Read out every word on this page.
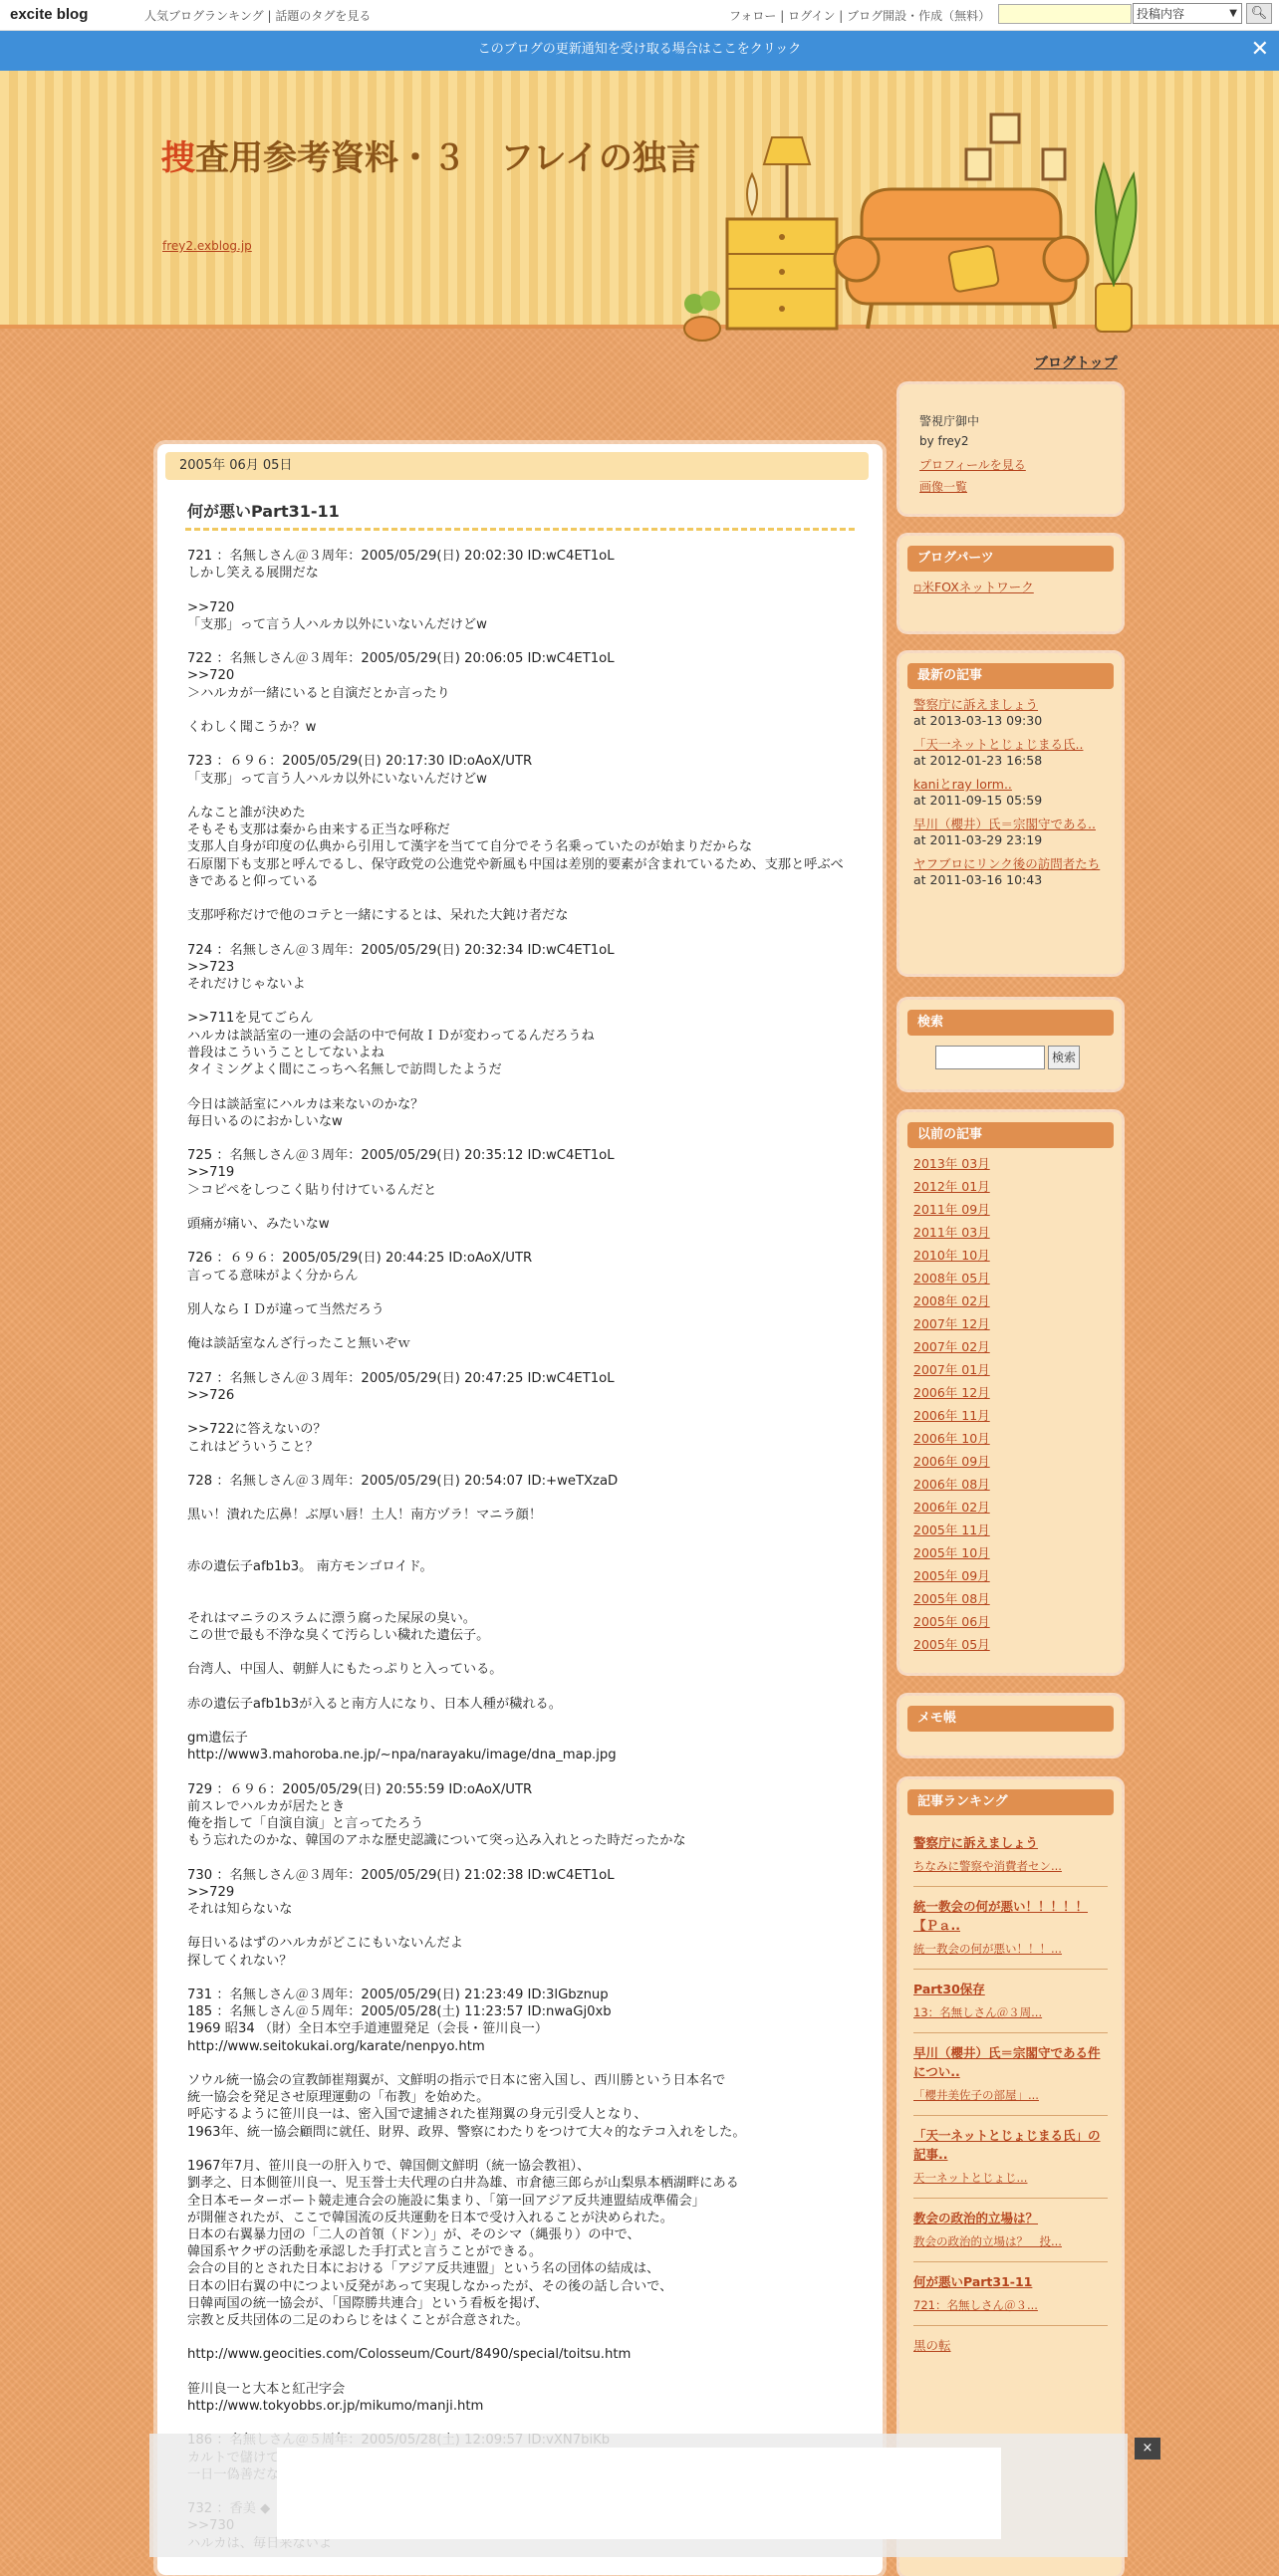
excite blog	人気ブログランキング | 話題のタグを見る	フォロー | ログイン | ブログ開設・作成（無料）	投稿内容	▼	🔍︎
このブログの更新通知を受け取る場合はここをクリック	✕
捜査用参考資料・３　フレイの独言
frey2.exblog.jp
ブログトップ
2005年 06月 05日
何が悪いPart31-11
721 ：名無しさん＠３周年：2005/05/29(日) 20:02:30 ID:wC4ET1oL
しかし笑える展開だな

>>720
「支那」って言う人ハルカ以外にいないんだけどw

722 ：名無しさん＠３周年：2005/05/29(日) 20:06:05 ID:wC4ET1oL
>>720
＞ハルカが一緒にいると自演だとか言ったり

くわしく聞こうか？w

723 ：６９６：2005/05/29(日) 20:17:30 ID:oAoX/UTR
「支那」って言う人ハルカ以外にいないんだけどw

んなこと誰が決めた
そもそも支那は秦から由来する正当な呼称だ
支那人自身が印度の仏典から引用して漢字を当てて自分でそう名乗っていたのが始まりだからな
石原閣下も支那と呼んでるし、保守政党の公進党や新風も中国は差別的要素が含まれているため、支那と呼ぶべきであると仰っている

支那呼称だけで他のコテと一緒にするとは、呆れた大鈍け者だな

724 ：名無しさん＠３周年：2005/05/29(日) 20:32:34 ID:wC4ET1oL
>>723
それだけじゃないよ

>>711を見てごらん
ハルカは談話室の一連の会話の中で何故ＩＤが変わってるんだろうね
普段はこういうことしてないよね
タイミングよく間にこっちへ名無しで訪問したようだ

今日は談話室にハルカは来ないのかな？
毎日いるのにおかしいなw

725 ：名無しさん＠３周年：2005/05/29(日) 20:35:12 ID:wC4ET1oL
>>719
＞コピペをしつこく貼り付けているんだと

頭痛が痛い、みたいなw

726 ：６９６：2005/05/29(日) 20:44:25 ID:oAoX/UTR
言ってる意味がよく分からん

別人ならＩＤが違って当然だろう

俺は談話室なんざ行ったこと無いぞｗ

727 ：名無しさん＠３周年：2005/05/29(日) 20:47:25 ID:wC4ET1oL
>>726

>>722に答えないの？
これはどういうこと？

728 ：名無しさん＠３周年：2005/05/29(日) 20:54:07 ID:+weTXzaD

黒い！潰れた広鼻！ぶ厚い唇！土人！南方ヅラ！マニラ顔！

赤の遺伝子afb1b3。 南方モンゴロイド。

それはマニラのスラムに漂う腐った屎尿の臭い。
この世で最も不浄な臭くて汚らしい穢れた遺伝子。

台湾人、中国人、朝鮮人にもたっぷりと入っている。

赤の遺伝子afb1b3が入ると南方人になり、日本人種が穢れる。

gm遺伝子
http://www3.mahoroba.ne.jp/~npa/narayaku/image/dna_map.jpg

729 ：６９６：2005/05/29(日) 20:55:59 ID:oAoX/UTR
前スレでハルカが居たとき
俺を指して「自演自演」と言ってたろう
もう忘れたのかな、韓国のアホな歴史認識について突っ込み入れとった時だったかな

730 ：名無しさん＠３周年：2005/05/29(日) 21:02:38 ID:wC4ET1oL
>>729
それは知らないな

毎日いるはずのハルカがどこにもいないんだよ
探してくれない？

731 ：名無しさん＠３周年：2005/05/29(日) 21:23:49 ID:3lGbznup
185 ：名無しさん＠５周年：2005/05/28(土) 11:23:57 ID:nwaGj0xb
1969 昭34 （財）全日本空手道連盟発足（会長・笹川良一）
http://www.seitokukai.org/karate/nenpyo.htm

ソウル統一協会の宣教師崔翔翼が、文鮮明の指示で日本に密入国し、西川勝という日本名で
統一協会を発足させ原理運動の「布教」を始めた。
呼応するように笹川良一は、密入国で逮捕された崔翔翼の身元引受人となり、
1963年、統一協会顧問に就任、財界、政界、警察にわたりをつけて大々的なテコ入れをした。

1967年7月、笹川良一の肝入りで、韓国側文鮮明（統一協会教祖）、
劉孝之、日本側笹川良一、児玉誉士夫代理の白井為雄、市倉徳三郎らが山梨県本栖湖畔にある
全日本モーターボート競走連合会の施設に集まり、「第一回アジア反共連盟結成準備会」
が開催されたが、ここで韓国流の反共運動を日本で受け入れることが決められた。
日本の右翼暴力団の「二人の首領（ドン）」が、そのシマ（縄張り）の中で、
韓国系ヤクザの活動を承認した手打式と言うことができる。
会合の目的とされた日本における「アジア反共連盟」という名の団体の結成は、
日本の旧右翼の中につよい反発があって実現しなかったが、その後の話し合いで、
日韓両国の統一協会が、「国際勝共連合」という看板を掲げ、
宗教と反共団体の二足のわらじをはくことが合意された。

http://www.geocities.com/Colosseum/Court/8490/special/toitsu.htm

笹川良一と大本と紅卍字会
http://www.tokyobbs.or.jp/mikumo/manji.htm

警視庁御中
by frey2
プロフィールを見る
画像一覧
ブログパーツ
▫米FOXネットワーク
最新の記事
警察庁に訴えましょう
at 2013-03-13 09:30
「天一ネットとじょじまる氏..
at 2012-01-23 16:58
kaniとray lorm..
at 2011-09-15 05:59
早川（櫻井）氏＝宗閣守である..
at 2011-03-29 23:19
ヤフブロにリンク後の訪問者たち
at 2011-03-16 10:43
検索
検索
以前の記事
2013年 03月
2012年 01月
2011年 09月
2011年 03月
2010年 10月
2008年 05月
2008年 02月
2007年 12月
2007年 02月
2007年 01月
2006年 12月
2006年 11月
2006年 10月
2006年 09月
2006年 08月
2006年 02月
2005年 11月
2005年 10月
2005年 09月
2005年 08月
2005年 06月
2005年 05月
メモ帳
記事ランキング
警察庁に訴えましょう
ちなみに警察や消費者セン...
統一教会の何が悪い！！！！！【Ｐａ..
統一教会の何が悪い！！！...
Part30保存
13：名無しさん＠３周...
早川（櫻井）氏＝宗閣守である件につい..
「櫻井美佐子の部屋」...
「天一ネットとじょじまる氏」の記事..
天一ネットとじょじ...
教会の政治的立場は？
教会の政治的立場は？　投...
何が悪いPart31-11
721：名無しさん＠３...
黒の転
×
